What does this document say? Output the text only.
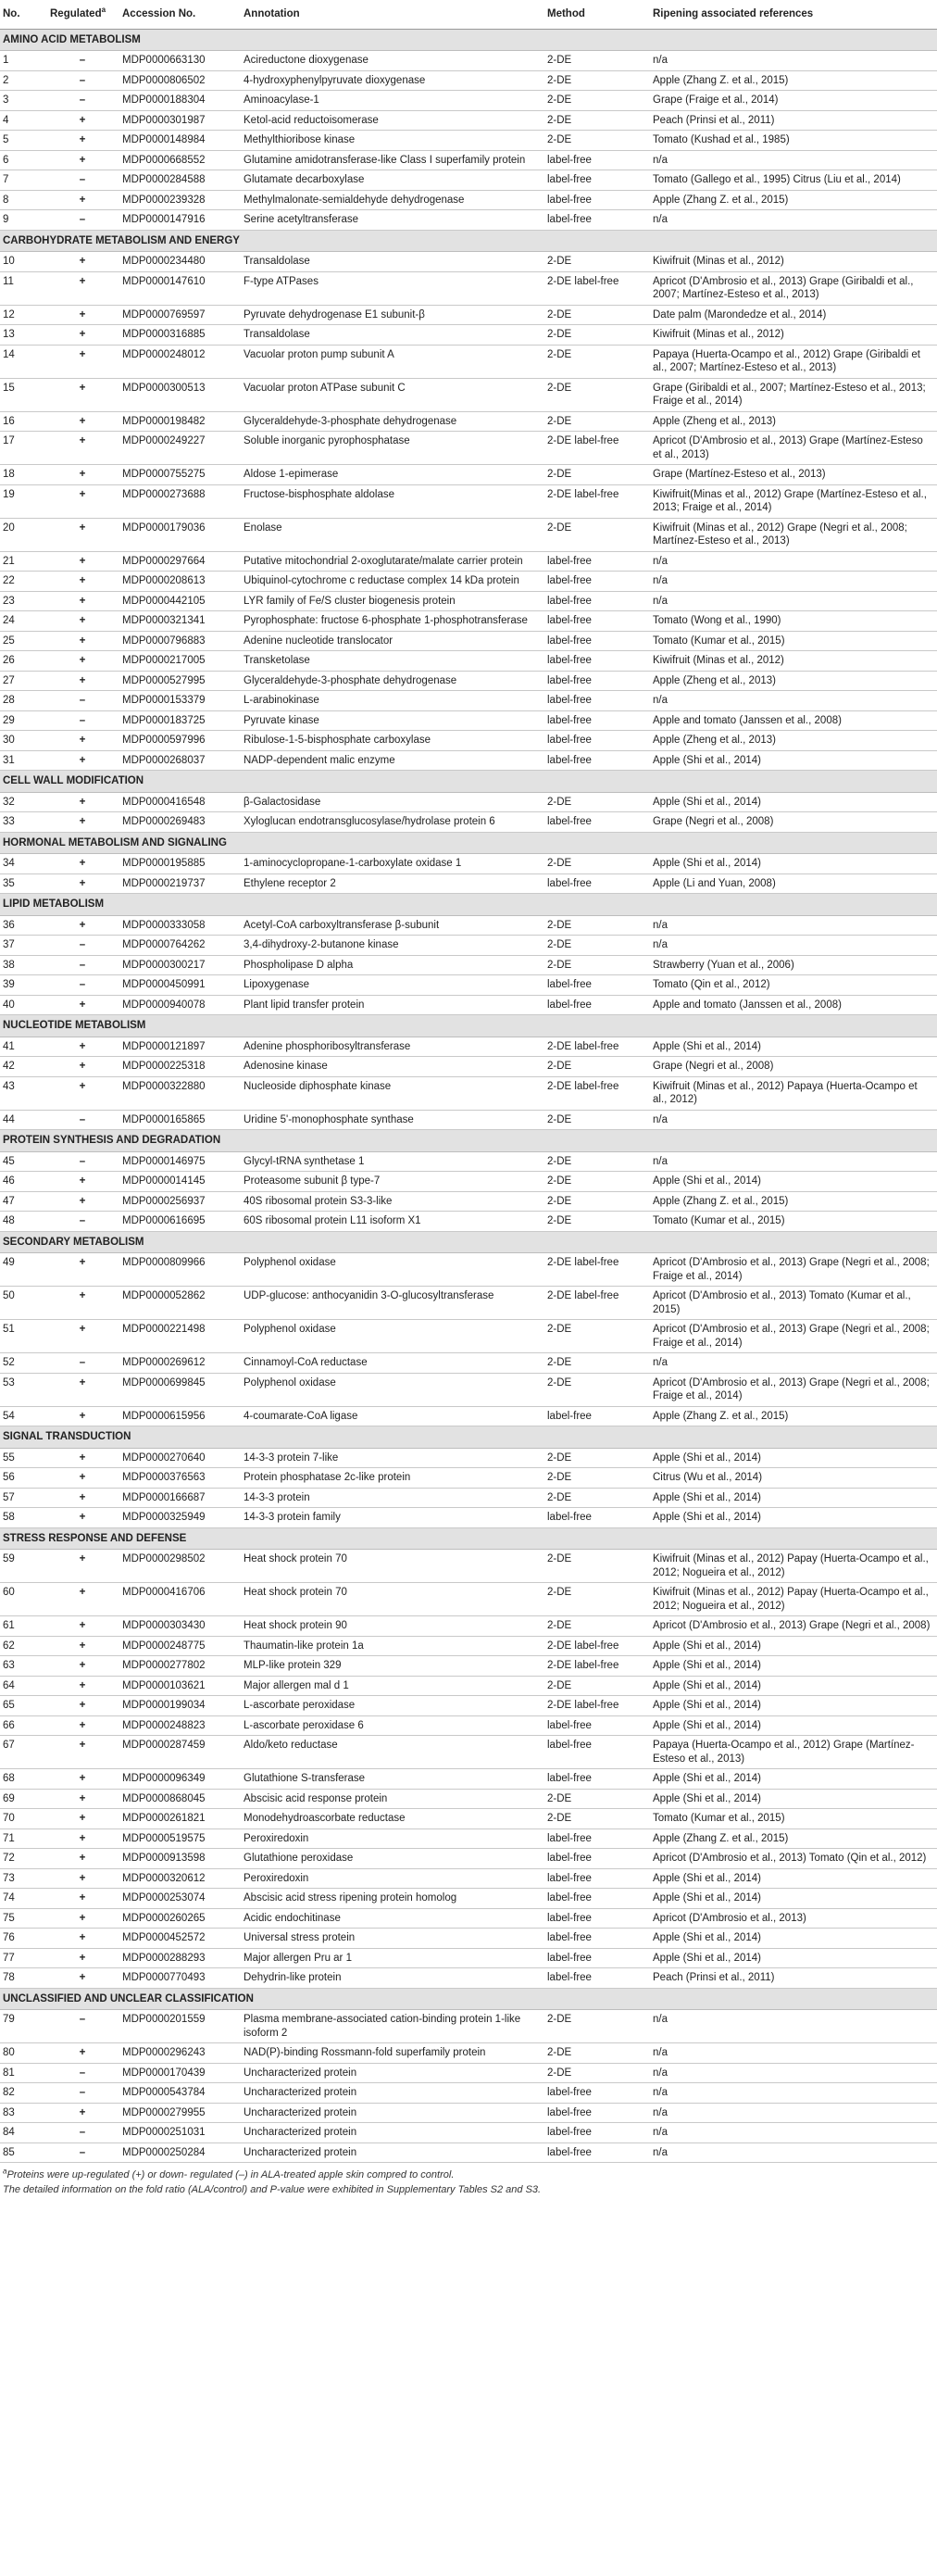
No.	Regulated$^a$	Accession No.	Annotation	Method	Ripening associated references
AMINO ACID METABOLISM					
1	–	MDP0000663130	Acireductone dioxygenase	2-DE	n/a
2	–	MDP0000806502	4-hydroxyphenylpyruvate dioxygenase	2-DE	Apple (Zhang Z. et al., 2015)
3	–	MDP0000188304	Aminoacylase-1	2-DE	Grape (Fraige et al., 2014)
4	+	MDP0000301987	Ketol-acid reductoisomerase	2-DE	Peach (Prinsi et al., 2011)
5	+	MDP0000148984	Methylthioribose kinase	2-DE	Tomato (Kushad et al., 1985)
6	+	MDP0000668552	Glutamine amidotransferase-like Class I superfamily protein	label-free	n/a
7	–	MDP0000284588	Glutamate decarboxylase	label-free	Tomato (Gallego et al., 1995) Citrus (Liu et al., 2014)
8	+	MDP0000239328	Methylmalonate-semialdehyde dehydrogenase	label-free	Apple (Zhang Z. et al., 2015)
9	–	MDP0000147916	Serine acetyltransferase	label-free	n/a
CARBOHYDRATE METABOLISM AND ENERGY					
10	+	MDP0000234480	Transaldolase	2-DE	Kiwifruit (Minas et al., 2012)
11	+	MDP0000147610	F-type ATPases	2-DE label-free	Apricot (D'Ambrosio et al., 2013) Grape (Giribaldi et al., 2007; Martínez-Esteso et al., 2013)
12	+	MDP0000769597	Pyruvate dehydrogenase E1 subunit-β	2-DE	Date palm (Marondedze et al., 2014)
13	+	MDP0000316885	Transaldolase	2-DE	Kiwifruit (Minas et al., 2012)
14	+	MDP0000248012	Vacuolar proton pump subunit A	2-DE	Papaya (Huerta-Ocampo et al., 2012) Grape (Giribaldi et al., 2007; Martínez-Esteso et al., 2013)
15	+	MDP0000300513	Vacuolar proton ATPase subunit C	2-DE	Grape (Giribaldi et al., 2007; Martínez-Esteso et al., 2013; Fraige et al., 2014)
16	+	MDP0000198482	Glyceraldehyde-3-phosphate dehydrogenase	2-DE	Apple (Zheng et al., 2013)
17	+	MDP0000249227	Soluble inorganic pyrophosphatase	2-DE label-free	Apricot (D'Ambrosio et al., 2013) Grape (Martínez-Esteso et al., 2013)
18	+	MDP0000755275	Aldose 1-epimerase	2-DE	Grape (Martínez-Esteso et al., 2013)
19	+	MDP0000273688	Fructose-bisphosphate aldolase	2-DE label-free	Kiwifruit(Minas et al., 2012) Grape (Martínez-Esteso et al., 2013; Fraige et al., 2014)
20	+	MDP0000179036	Enolase	2-DE	Kiwifruit (Minas et al., 2012) Grape (Negri et al., 2008; Martínez-Esteso et al., 2013)
21	+	MDP0000297664	Putative mitochondrial 2-oxoglutarate/malate carrier protein	label-free	n/a
22	+	MDP0000208613	Ubiquinol-cytochrome c reductase complex 14 kDa protein	label-free	n/a
23	+	MDP0000442105	LYR family of Fe/S cluster biogenesis protein	label-free	n/a
24	+	MDP0000321341	Pyrophosphate: fructose 6-phosphate 1-phosphotransferase	label-free	Tomato (Wong et al., 1990)
25	+	MDP0000796883	Adenine nucleotide translocator	label-free	Tomato (Kumar et al., 2015)
26	+	MDP0000217005	Transketolase	label-free	Kiwifruit (Minas et al., 2012)
27	+	MDP0000527995	Glyceraldehyde-3-phosphate dehydrogenase	label-free	Apple (Zheng et al., 2013)
28	–	MDP0000153379	L-arabinokinase	label-free	n/a
29	–	MDP0000183725	Pyruvate kinase	label-free	Apple and tomato (Janssen et al., 2008)
30	+	MDP0000597996	Ribulose-1-5-bisphosphate carboxylase	label-free	Apple (Zheng et al., 2013)
31	+	MDP0000268037	NADP-dependent malic enzyme	label-free	Apple (Shi et al., 2014)
CELL WALL MODIFICATION					
32	+	MDP0000416548	β-Galactosidase	2-DE	Apple (Shi et al., 2014)
33	+	MDP0000269483	Xyloglucan endotransglucosylase/hydrolase protein 6	label-free	Grape (Negri et al., 2008)
HORMONAL METABOLISM AND SIGNALING					
34	+	MDP0000195885	1-aminocyclopropane-1-carboxylate oxidase 1	2-DE	Apple (Shi et al., 2014)
35	+	MDP0000219737	Ethylene receptor 2	label-free	Apple (Li and Yuan, 2008)
LIPID METABOLISM					
36	+	MDP0000333058	Acetyl-CoA carboxyltransferase β-subunit	2-DE	n/a
37	–	MDP0000764262	3,4-dihydroxy-2-butanone kinase	2-DE	n/a
38	–	MDP0000300217	Phospholipase D alpha	2-DE	Strawberry (Yuan et al., 2006)
39	–	MDP0000450991	Lipoxygenase	label-free	Tomato (Qin et al., 2012)
40	+	MDP0000940078	Plant lipid transfer protein	label-free	Apple and tomato (Janssen et al., 2008)
NUCLEOTIDE METABOLISM					
41	+	MDP0000121897	Adenine phosphoribosyltransferase	2-DE label-free	Apple (Shi et al., 2014)
42	+	MDP0000225318	Adenosine kinase	2-DE	Grape (Negri et al., 2008)
43	+	MDP0000322880	Nucleoside diphosphate kinase	2-DE label-free	Kiwifruit (Minas et al., 2012) Papaya (Huerta-Ocampo et al., 2012)
44	–	MDP0000165865	Uridine 5'-monophosphate synthase	2-DE	n/a
PROTEIN SYNTHESIS AND DEGRADATION					
45	–	MDP0000146975	Glycyl-tRNA synthetase 1	2-DE	n/a
46	+	MDP0000014145	Proteasome subunit β type-7	2-DE	Apple (Shi et al., 2014)
47	+	MDP0000256937	40S ribosomal protein S3-3-like	2-DE	Apple (Zhang Z. et al., 2015)
48	–	MDP0000616695	60S ribosomal protein L11 isoform X1	2-DE	Tomato (Kumar et al., 2015)
SECONDARY METABOLISM					
49	+	MDP0000809966	Polyphenol oxidase	2-DE label-free	Apricot (D'Ambrosio et al., 2013) Grape (Negri et al., 2008; Fraige et al., 2014)
50	+	MDP0000052862	UDP-glucose: anthocyanidin 3-O-glucosyltransferase	2-DE label-free	Apricot (D'Ambrosio et al., 2013) Tomato (Kumar et al., 2015)
51	+	MDP0000221498	Polyphenol oxidase	2-DE	Apricot (D'Ambrosio et al., 2013) Grape (Negri et al., 2008; Fraige et al., 2014)
52	–	MDP0000269612	Cinnamoyl-CoA reductase	2-DE	n/a
53	+	MDP0000699845	Polyphenol oxidase	2-DE	Apricot (D'Ambrosio et al., 2013) Grape (Negri et al., 2008; Fraige et al., 2014)
54	+	MDP0000615956	4-coumarate-CoA ligase	label-free	Apple (Zhang Z. et al., 2015)
SIGNAL TRANSDUCTION					
55	+	MDP0000270640	14-3-3 protein 7-like	2-DE	Apple (Shi et al., 2014)
56	+	MDP0000376563	Protein phosphatase 2c-like protein	2-DE	Citrus (Wu et al., 2014)
57	+	MDP0000166687	14-3-3 protein	2-DE	Apple (Shi et al., 2014)
58	+	MDP0000325949	14-3-3 protein family	label-free	Apple (Shi et al., 2014)
STRESS RESPONSE AND DEFENSE					
59	+	MDP0000298502	Heat shock protein 70	2-DE	Kiwifruit (Minas et al., 2012) Papay (Huerta-Ocampo et al., 2012; Nogueira et al., 2012)
60	+	MDP0000416706	Heat shock protein 70	2-DE	Kiwifruit (Minas et al., 2012) Papay (Huerta-Ocampo et al., 2012; Nogueira et al., 2012)
61	+	MDP0000303430	Heat shock protein 90	2-DE	Apricot (D'Ambrosio et al., 2013) Grape (Negri et al., 2008)
62	+	MDP0000248775	Thaumatin-like protein 1a	2-DE label-free	Apple (Shi et al., 2014)
63	+	MDP0000277802	MLP-like protein 329	2-DE label-free	Apple (Shi et al., 2014)
64	+	MDP0000103621	Major allergen mal d 1	2-DE	Apple (Shi et al., 2014)
65	+	MDP0000199034	L-ascorbate peroxidase	2-DE label-free	Apple (Shi et al., 2014)
66	+	MDP0000248823	L-ascorbate peroxidase 6	label-free	Apple (Shi et al., 2014)
67	+	MDP0000287459	Aldo/keto reductase	label-free	Papaya (Huerta-Ocampo et al., 2012) Grape (Martínez-Esteso et al., 2013)
68	+	MDP0000096349	Glutathione S-transferase	label-free	Apple (Shi et al., 2014)
69	+	MDP0000868045	Abscisic acid response protein	2-DE	Apple (Shi et al., 2014)
70	+	MDP0000261821	Monodehydroascorbate reductase	2-DE	Tomato (Kumar et al., 2015)
71	+	MDP0000519575	Peroxiredoxin	label-free	Apple (Zhang Z. et al., 2015)
72	+	MDP0000913598	Glutathione peroxidase	label-free	Apricot (D'Ambrosio et al., 2013) Tomato (Qin et al., 2012)
73	+	MDP0000320612	Peroxiredoxin	label-free	Apple (Shi et al., 2014)
74	+	MDP0000253074	Abscisic acid stress ripening protein homolog	label-free	Apple (Shi et al., 2014)
75	+	MDP0000260265	Acidic endochitinase	label-free	Apricot (D'Ambrosio et al., 2013)
76	+	MDP0000452572	Universal stress protein	label-free	Apple (Shi et al., 2014)
77	+	MDP0000288293	Major allergen Pru ar 1	label-free	Apple (Shi et al., 2014)
78	+	MDP0000770493	Dehydrin-like protein	label-free	Peach (Prinsi et al., 2011)
UNCLASSIFIED AND UNCLEAR CLASSIFICATION					
79	–	MDP0000201559	Plasma membrane-associated cation-binding protein 1-like isoform 2	2-DE	n/a
80	+	MDP0000296243	NAD(P)-binding Rossmann-fold superfamily protein	2-DE	n/a
81	–	MDP0000170439	Uncharacterized protein	2-DE	n/a
82	–	MDP0000543784	Uncharacterized protein	label-free	n/a
83	+	MDP0000279955	Uncharacterized protein	label-free	n/a
84	–	MDP0000251031	Uncharacterized protein	label-free	n/a
85	–	MDP0000250284	Uncharacterized protein	label-free	n/a

$^a$Proteins were up-regulated (+) or down- regulated (–) in ALA-treated apple skin compred to control.

The detailed information on the fold ratio (ALA/control) and P-value were exhibited in Supplementary Tables S2 and S3.
